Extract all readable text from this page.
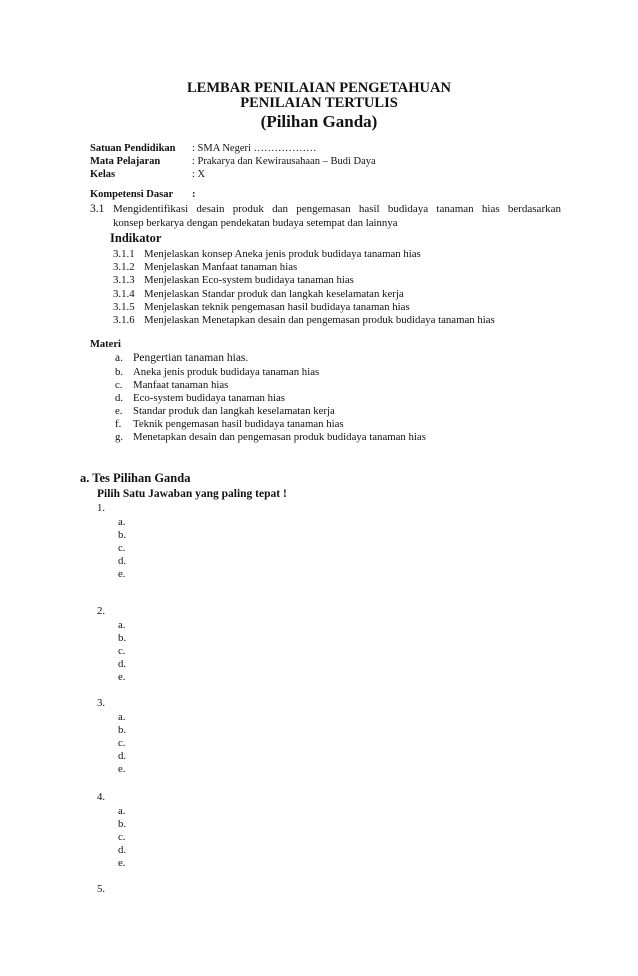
LEMBAR PENILAIAN PENGETAHUAN
PENILAIAN TERTULIS
(Pilihan Ganda)
Satuan Pendidikan : SMA Negeri ………………
Mata Pelajaran	: Prakarya dan Kewirausahaan – Budi Daya
Kelas	: X
Kompetensi Dasar :
3.1 Mengidentifikasi desain produk dan pengemasan hasil budidaya tanaman hias berdasarkan
konsep berkarya dengan pendekatan budaya setempat dan lainnya
Indikator
3.1.1 Menjelaskan konsep Aneka jenis produk budidaya tanaman hias
3.1.2 Menjelaskan Manfaat tanaman hias
3.1.3 Menjelaskan Eco-system budidaya tanaman hias
3.1.4 Menjelaskan Standar produk dan langkah keselamatan kerja
3.1.5 Menjelaskan teknik pengemasan hasil budidaya tanaman hias
3.1.6 Menjelaskan Menetapkan desain dan pengemasan produk budidaya tanaman hias
Materi
a. Pengertian tanaman hias.
b. Aneka jenis produk budidaya tanaman hias
c. Manfaat tanaman hias
d. Eco-system budidaya tanaman hias
e. Standar produk dan langkah keselamatan kerja
f. Teknik pengemasan hasil budidaya tanaman hias
g. Menetapkan desain dan pengemasan produk budidaya tanaman hias
a. Tes Pilihan Ganda
Pilih Satu Jawaban yang paling tepat !
1.
a.
b.
c.
d.
e.
2.
a.
b.
c.
d.
e.
3.
a.
b.
c.
d.
e.
4.
a.
b.
c.
d.
e.
5.
